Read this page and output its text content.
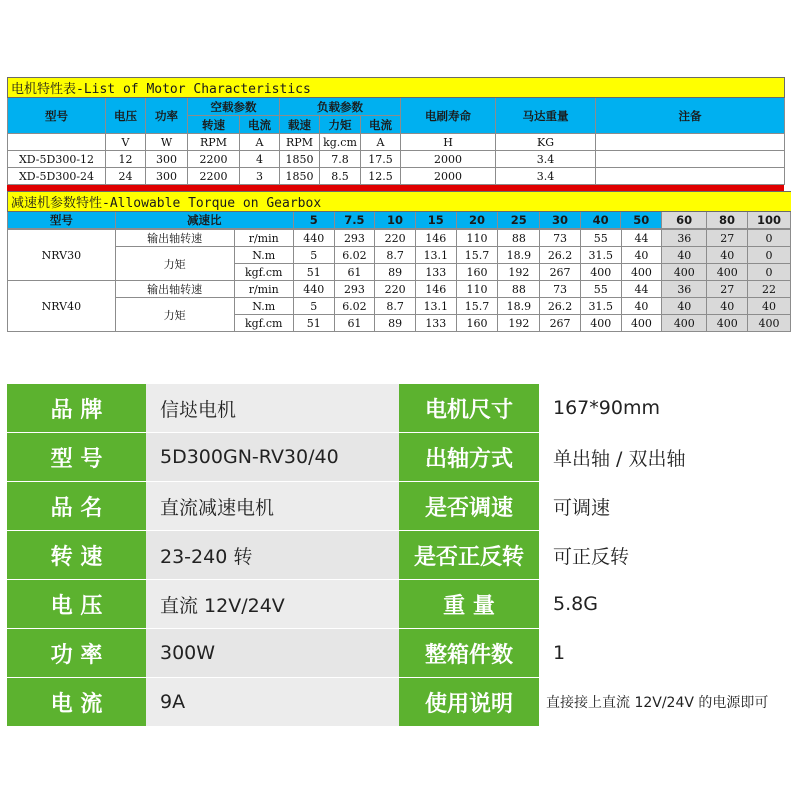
电机特性表-List of Motor Characteristics										
型号	电压	功率	空载参数		负载参数			电刷寿命	马达重量	注备
			转速	电流	载速	力矩	电流			
	V	W	RPM	A	RPM	kg.cm	A	H	KG	
XD-5D300-12	12	300	2200	4	1850	7.8	17.5	2000	3.4	
XD-5D300-24	24	300	2200	3	1850	8.5	12.5	2000	3.4	
减速机参数特性-Allowable Torque on Gearbox
型号	减速比	5	7.5	10	15	20	25	30	40	50	60	80	100
NRV30	输出轴转速	r/min	440	293	220	146	110	88	73	55	44	36	27	0
	力矩	N.m	5	6.02	8.7	13.1	15.7	18.9	26.2	31.5	40	40	40	0
		kgf.cm	51	61	89	133	160	192	267	400	400	400	400	0
NRV40	输出轴转速	r/min	440	293	220	146	110	88	73	55	44	36	27	22
	力矩	N.m	5	6.02	8.7	13.1	15.7	18.9	26.2	31.5	40	40	40	40
		kgf.cm	51	61	89	133	160	192	267	400	400	400	400	400
品 牌	信垯电机	电机尺寸	167*90mm
型 号	5D300GN-RV30/40	出轴方式	单出轴 / 双出轴
品 名	直流减速电机	是否调速	可调速
转 速	23-240 转	是否正反转	可正反转
电 压	直流 12V/24V	重 量	5.8G
功 率	300W	整箱件数	1
电 流	9A	使用说明	直接接上直流 12V/24V 的电源即可
